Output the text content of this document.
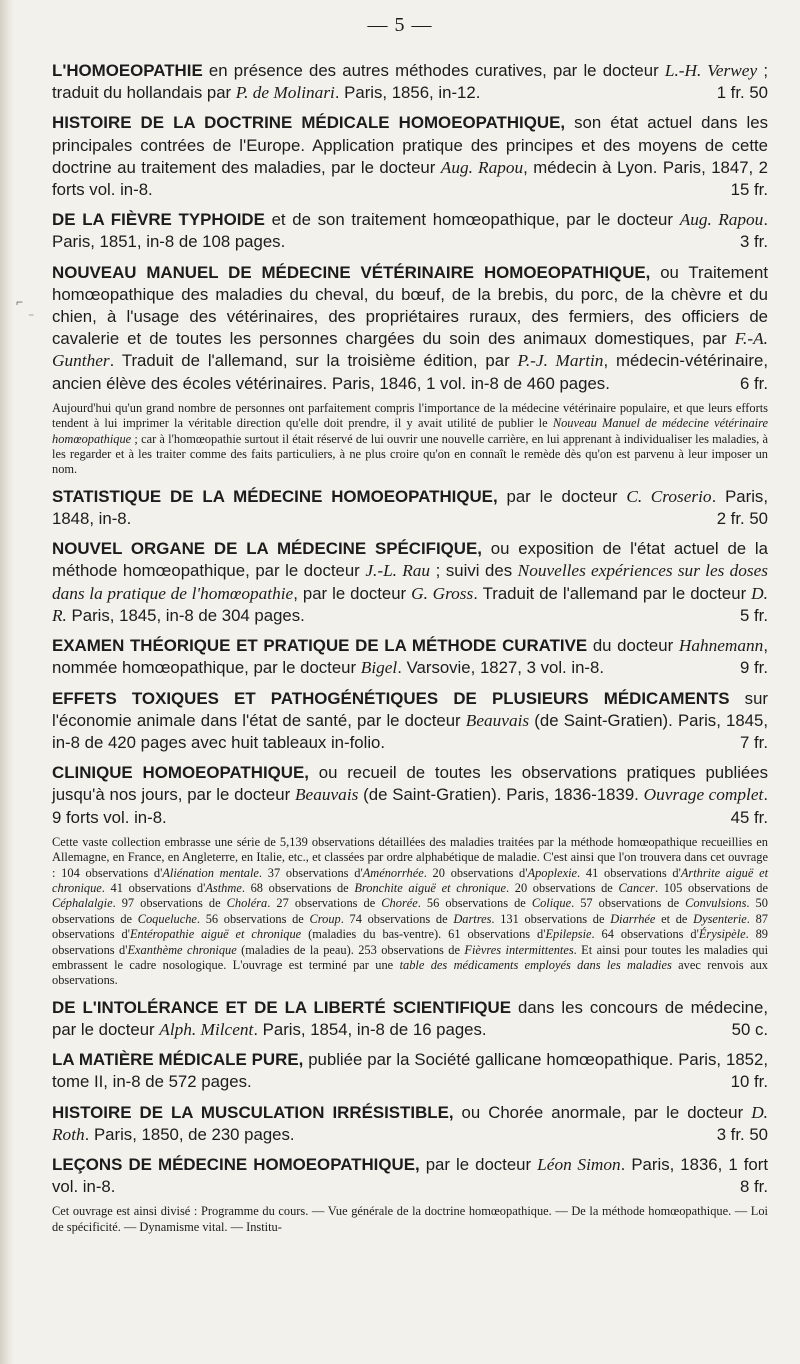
⌐
⁻
— 5 —

L'HOMOEOPATHIE en présence des autres méthodes curatives, par le docteur L.-H. Verwey ; traduit du hollandais par P. de Molinari. Paris, 1856, in-12.	1 fr. 50

HISTOIRE DE LA DOCTRINE MÉDICALE HOMOEOPATHIQUE, son état actuel dans les principales contrées de l'Europe. Application pratique des principes et des moyens de cette doctrine au traitement des maladies, par le docteur Aug. Rapou, médecin à Lyon. Paris, 1847, 2 forts vol. in-8.	15 fr.

DE LA FIÈVRE TYPHOIDE et de son traitement homœopathique, par le docteur Aug. Rapou. Paris, 1851, in-8 de 108 pages.	3 fr.

NOUVEAU MANUEL DE MÉDECINE VÉTÉRINAIRE HOMOEOPATHIQUE, ou Traitement homœopathique des maladies du cheval, du bœuf, de la brebis, du porc, de la chèvre et du chien, à l'usage des vétérinaires, des propriétaires ruraux, des fermiers, des officiers de cavalerie et de toutes les personnes chargées du soin des animaux domestiques, par F.-A. Gunther. Traduit de l'allemand, sur la troisième édition, par P.-J. Martin, médecin-vétérinaire, ancien élève des écoles vétérinaires. Paris, 1846, 1 vol. in-8 de 460 pages.	6 fr.

Aujourd'hui qu'un grand nombre de personnes ont parfaitement compris l'importance de la médecine vétérinaire populaire, et que leurs efforts tendent à lui imprimer la véritable direction qu'elle doit prendre, il y avait utilité de publier le Nouveau Manuel de médecine vétérinaire homœopathique ; car à l'homœopathie surtout il était réservé de lui ouvrir une nouvelle carrière, en lui apprenant à individualiser les maladies, à les regarder et à les traiter comme des faits particuliers, à ne plus croire qu'on en connaît le remède dès qu'on est parvenu à leur imposer un nom.

STATISTIQUE DE LA MÉDECINE HOMOEOPATHIQUE, par le docteur C. Croserio. Paris, 1848, in-8.	2 fr. 50

NOUVEL ORGANE DE LA MÉDECINE SPÉCIFIQUE, ou exposition de l'état actuel de la méthode homœopathique, par le docteur J.-L. Rau ; suivi des Nouvelles expériences sur les doses dans la pratique de l'homœopathie, par le docteur G. Gross. Traduit de l'allemand par le docteur D. R. Paris, 1845, in-8 de 304 pages.	5 fr.

EXAMEN THÉORIQUE ET PRATIQUE DE LA MÉTHODE CURATIVE du docteur Hahnemann, nommée homœopathique, par le docteur Bigel. Varsovie, 1827, 3 vol. in-8.	9 fr.

EFFETS TOXIQUES ET PATHOGÉNÉTIQUES DE PLUSIEURS MÉDICAMENTS sur l'économie animale dans l'état de santé, par le docteur Beauvais (de Saint-Gratien). Paris, 1845, in-8 de 420 pages avec huit tableaux in-folio.	7 fr.

CLINIQUE HOMOEOPATHIQUE, ou recueil de toutes les observations pratiques publiées jusqu'à nos jours, par le docteur Beauvais (de Saint-Gratien). Paris, 1836-1839. Ouvrage complet. 9 forts vol. in-8.	45 fr.

Cette vaste collection embrasse une série de 5,139 observations détaillées des maladies traitées par la méthode homœopathique recueillies en Allemagne, en France, en Angleterre, en Italie, etc., et classées par ordre alphabétique de maladie. C'est ainsi que l'on trouvera dans cet ouvrage : 104 observations d'Aliénation mentale. 37 observations d'Aménorrhée. 20 observations d'Apoplexie. 41 observations d'Arthrite aiguë et chronique. 41 observations d'Asthme. 68 observations de Bronchite aiguë et chronique. 20 observations de Cancer. 105 observations de Céphalalgie. 97 observations de Choléra. 27 observations de Chorée. 56 observations de Colique. 57 observations de Convulsions. 50 observations de Coqueluche. 56 observations de Croup. 74 observations de Dartres. 131 observations de Diarrhée et de Dysenterie. 87 observations d'Entéropathie aiguë et chronique (maladies du bas-ventre). 61 observations d'Epilepsie. 64 observations d'Érysipèle. 89 observations d'Exanthème chronique (maladies de la peau). 253 observations de Fièvres intermittentes. Et ainsi pour toutes les maladies qui embrassent le cadre nosologique. L'ouvrage est terminé par une table des médicaments employés dans les maladies avec renvois aux observations.

DE L'INTOLÉRANCE ET DE LA LIBERTÉ SCIENTIFIQUE dans les concours de médecine, par le docteur Alph. Milcent. Paris, 1854, in-8 de 16 pages.	50 c.

LA MATIÈRE MÉDICALE PURE, publiée par la Société gallicane homœopathique. Paris, 1852, tome II, in-8 de 572 pages.	10 fr.

HISTOIRE DE LA MUSCULATION IRRÉSISTIBLE, ou Chorée anormale, par le docteur D. Roth. Paris, 1850, de 230 pages.	3 fr. 50

LEÇONS DE MÉDECINE HOMOEOPATHIQUE, par le docteur Léon Simon. Paris, 1836, 1 fort vol. in-8.	8 fr.

Cet ouvrage est ainsi divisé : Programme du cours. — Vue générale de la doctrine homœopathique. — De la méthode homœopathique. — Loi de spécificité. — Dynamisme vital. — Institu-
